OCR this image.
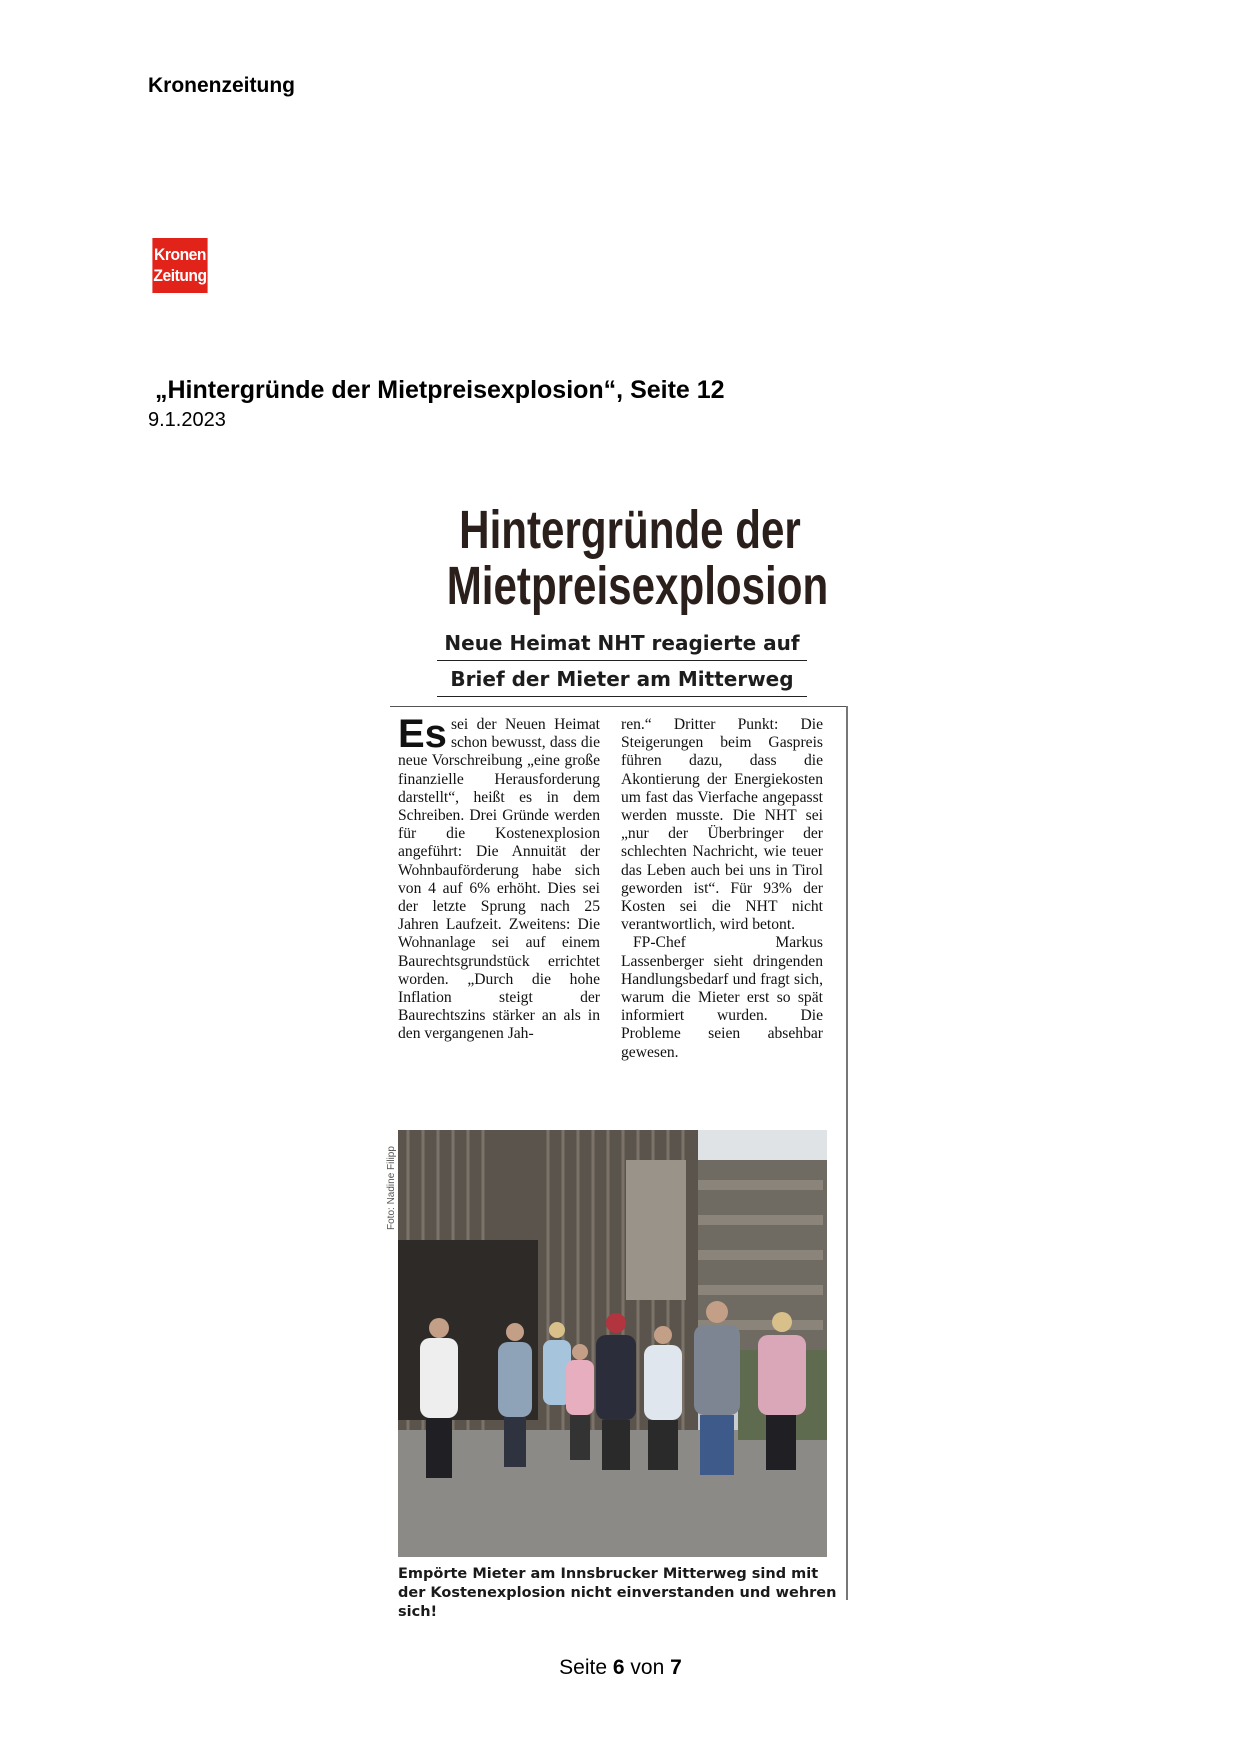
Kronenzeitung
Kronen
Zeitung
„Hintergründe der Mietpreisexplosion“, Seite 12
9.1.2023
Hintergründe der
Mietpreisexplosion
Neue Heimat NHT reagierte auf
Brief der Mieter am Mitterweg

Es sei der Neuen Heimat schon bewusst, dass die neue Vorschreibung „eine große finanzielle Herausforderung darstellt“, heißt es in dem Schreiben. Drei Gründe werden für die Kostenexplosion angeführt: Die Annuität der Wohnbauförderung habe sich von 4 auf 6% erhöht. Dies sei der letzte Sprung nach 25 Jahren Laufzeit. Zweitens: Die Wohnanlage sei auf einem Baurechtsgrundstück errichtet worden. „Durch die hohe Inflation steigt der Baurechtszins stärker an als in den vergangenen Jah-

ren.“ Dritter Punkt: Die Steigerungen beim Gaspreis führen dazu, dass die Akontierung der Energiekosten um fast das Vierfache angepasst werden musste. Die NHT sei „nur der Überbringer der schlechten Nachricht, wie teuer das Leben auch bei uns in Tirol geworden ist“. Für 93% der Kosten sei die NHT nicht verantwortlich, wird betont.

FP-Chef Markus Lassenberger sieht dringenden Handlungsbedarf und fragt sich, warum die Mieter erst so spät informiert wurden. Die Probleme seien absehbar gewesen.

Foto: Nadine Filipp
Empörte Mieter am Innsbrucker Mitterweg sind mit der Kostenexplosion nicht einverstanden und wehren sich!
Seite 6 von 7
